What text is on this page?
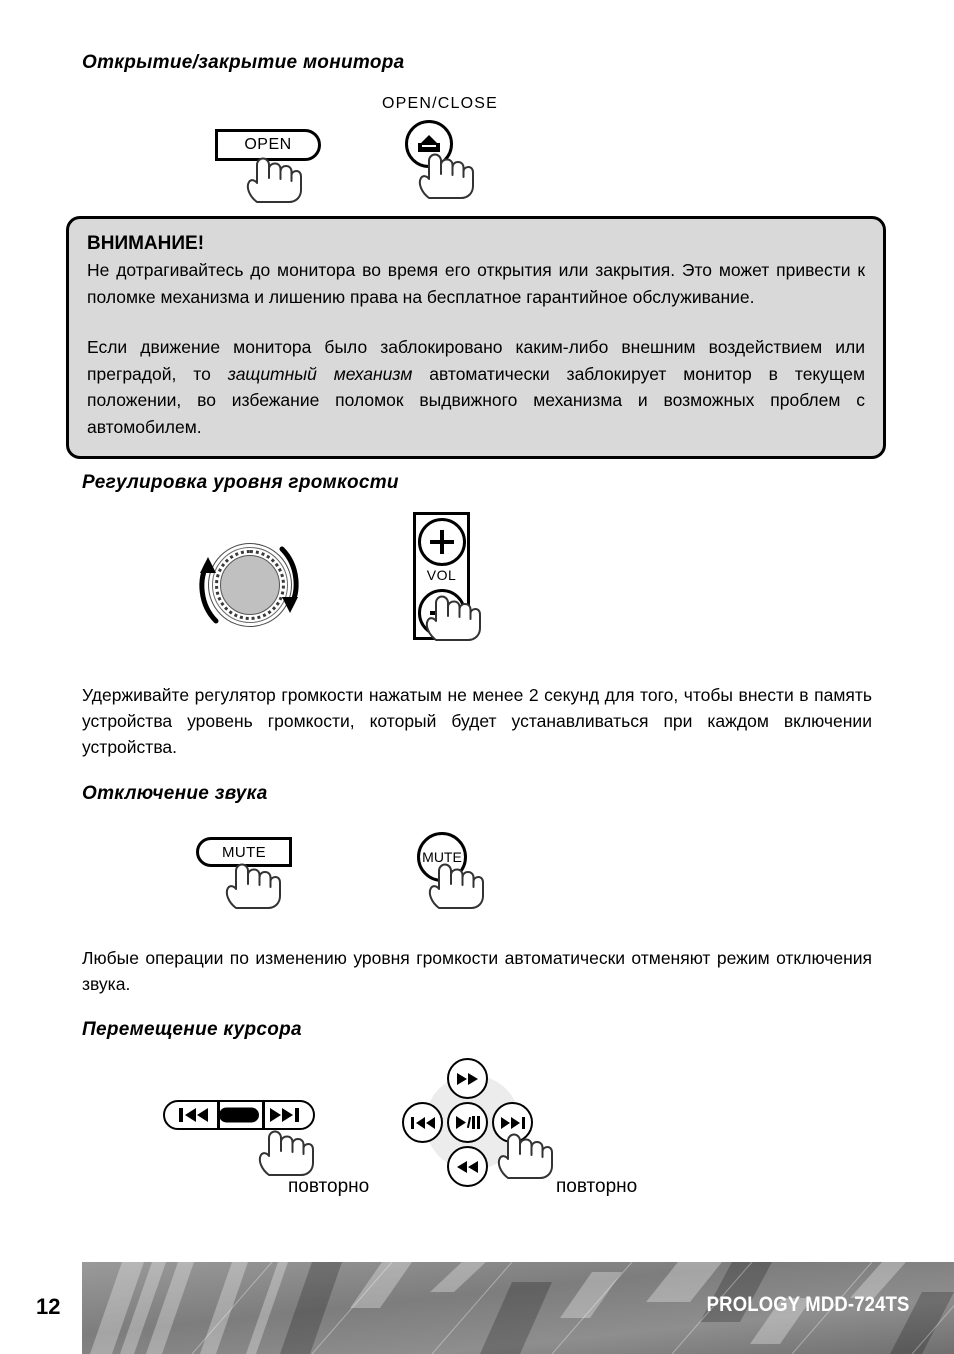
Открытие/закрытие монитора
OPEN
OPEN/CLOSE
ВНИМАНИЕ!
Не дотрагивайтесь до монитора во время его открытия или закрытия. Это может привести к поломке механизма и лишению права на бесплатное гарантийное обслуживание.
Если движение монитора было заблокировано каким-либо внешним воздействием или преградой, то защитный механизм автоматически заблокирует монитор в текущем положении, во избежание поломок выдвижного механизма и возможных проблем с автомобилем.
Регулировка уровня громкости
VOL
Удерживайте регулятор громкости нажатым не менее 2 секунд для того, чтобы внести в память устройства уровень громкости, который будет устанавливаться при каждом включении устройства.
Отключение звука
MUTE	MUTE
Любые операции по изменению уровня громкости автоматически отменяют режим отключения звука.
Перемещение курсора
повторно	повторно
12	PROLOGY MDD-724TS
